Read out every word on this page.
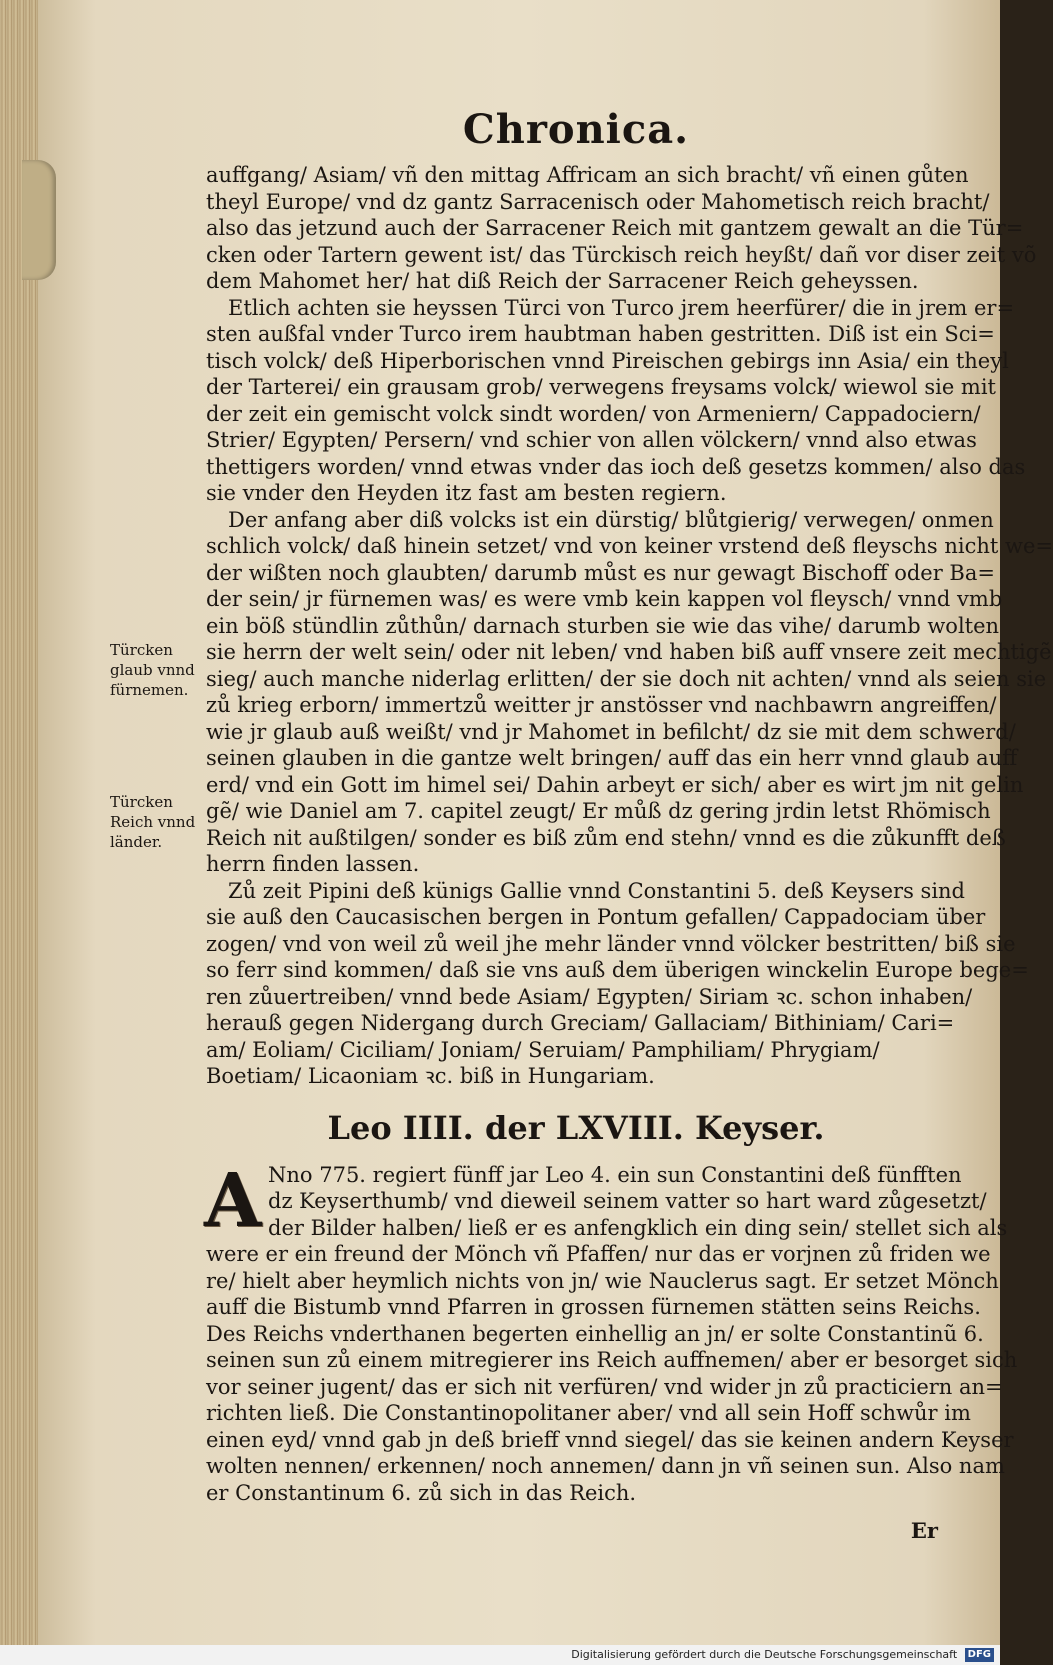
Chronica.
auffgang/ Asiam/ vñ den mittag Affricam an sich bracht/ vñ einen gůten
theyl Europe/ vnd dz gantz Sarracenisch oder Mahometisch reich bracht/
also das jetzund auch der Sarracener Reich mit gantzem gewalt an die Tür=
cken oder Tartern gewent ist/ das Türckisch reich heyßt/ dañ vor diser zeit võ
dem Mahomet her/ hat diß Reich der Sarracener Reich geheyssen.
Etlich achten sie heyssen Türci von Turco jrem heerfürer/ die in jrem er=
sten außfal vnder Turco irem haubtman haben gestritten. Diß ist ein Sci=
tisch volck/ deß Hiperborischen vnnd Pireischen gebirgs inn Asia/ ein theyl
der Tarterei/ ein grausam grob/ verwegens freysams volck/ wiewol sie mit
der zeit ein gemischt volck sindt worden/ von Armeniern/ Cappadociern/
Strier/ Egypten/ Persern/ vnd schier von allen völckern/ vnnd also etwas
thettigers worden/ vnnd etwas vnder das ioch deß gesetzs kommen/ also das
sie vnder den Heyden itz fast am besten regiern.
Der anfang aber diß volcks ist ein dürstig/ blůtgierig/ verwegen/ onmen
schlich volck/ daß hinein setzet/ vnd von keiner vrstend deß fleyschs nicht we=
der wißten noch glaubten/ darumb můst es nur gewagt Bischoff oder Ba=
der sein/ jr fürnemen was/ es were vmb kein kappen vol fleysch/ vnnd vmb
ein böß stündlin zůthůn/ darnach sturben sie wie das vihe/ darumb wolten
sie herrn der welt sein/ oder nit leben/ vnd haben biß auff vnsere zeit mechtigẽ
sieg/ auch manche niderlag erlitten/ der sie doch nit achten/ vnnd als seien sie
zů krieg erborn/ immertzů weitter jr anstösser vnd nachbawrn angreiffen/
wie jr glaub auß weißt/ vnd jr Mahomet in befilcht/ dz sie mit dem schwerd/
seinen glauben in die gantze welt bringen/ auff das ein herr vnnd glaub auff
erd/ vnd ein Gott im himel sei/ Dahin arbeyt er sich/ aber es wirt jm nit gelin
gẽ/ wie Daniel am 7. capitel zeugt/ Er můß dz gering jrdin letst Rhömisch
Reich nit außtilgen/ sonder es biß zům end stehn/ vnnd es die zůkunfft deß
herrn finden lassen.
Zů zeit Pipini deß künigs Gallie vnnd Constantini 5. deß Keysers sind
sie auß den Caucasischen bergen in Pontum gefallen/ Cappadociam über
zogen/ vnd von weil zů weil jhe mehr länder vnnd völcker bestritten/ biß sie
so ferr sind kommen/ daß sie vns auß dem überigen winckelin Europe bege=
ren zůuertreiben/ vnnd bede Asiam/ Egypten/ Siriam ꝛc. schon inhaben/
herauß gegen Nidergang durch Greciam/ Gallaciam/ Bithiniam/ Cari=
am/ Eoliam/ Ciciliam/ Joniam/ Seruiam/ Pamphiliam/ Phrygiam/
Boetiam/ Licaoniam ꝛc. biß in Hungariam.
Leo IIII. der LXVIII. Keyser.
A Nno 775. regiert fünff jar Leo 4. ein sun Constantini deß fünfften
dz Keyserthumb/ vnd dieweil seinem vatter so hart ward zůgesetzt/
der Bilder halben/ ließ er es anfengklich ein ding sein/ stellet sich als
were er ein freund der Mönch vñ Pfaffen/ nur das er vorjnen zů friden we
re/ hielt aber heymlich nichts von jn/ wie Nauclerus sagt. Er setzet Mönch
auff die Bistumb vnnd Pfarren in grossen fürnemen stätten seins Reichs.
Des Reichs vnderthanen begerten einhellig an jn/ er solte Constantinũ 6.
seinen sun zů einem mitregierer ins Reich auffnemen/ aber er besorget sich
vor seiner jugent/ das er sich nit verfüren/ vnd wider jn zů practiciern an=
richten ließ. Die Constantinopolitaner aber/ vnd all sein Hoff schwůr im
einen eyd/ vnnd gab jn deß brieff vnnd siegel/ das sie keinen andern Keyser
wolten nennen/ erkennen/ noch annemen/ dann jn vñ seinen sun. Also nam
er Constantinum 6. zů sich in das Reich.
Er
Türcken
glaub vnnd
fürnemen.
Türcken
Reich vnnd
länder.
Digitalisierung gefördert durch die Deutsche Forschungsgemeinschaft DFG
